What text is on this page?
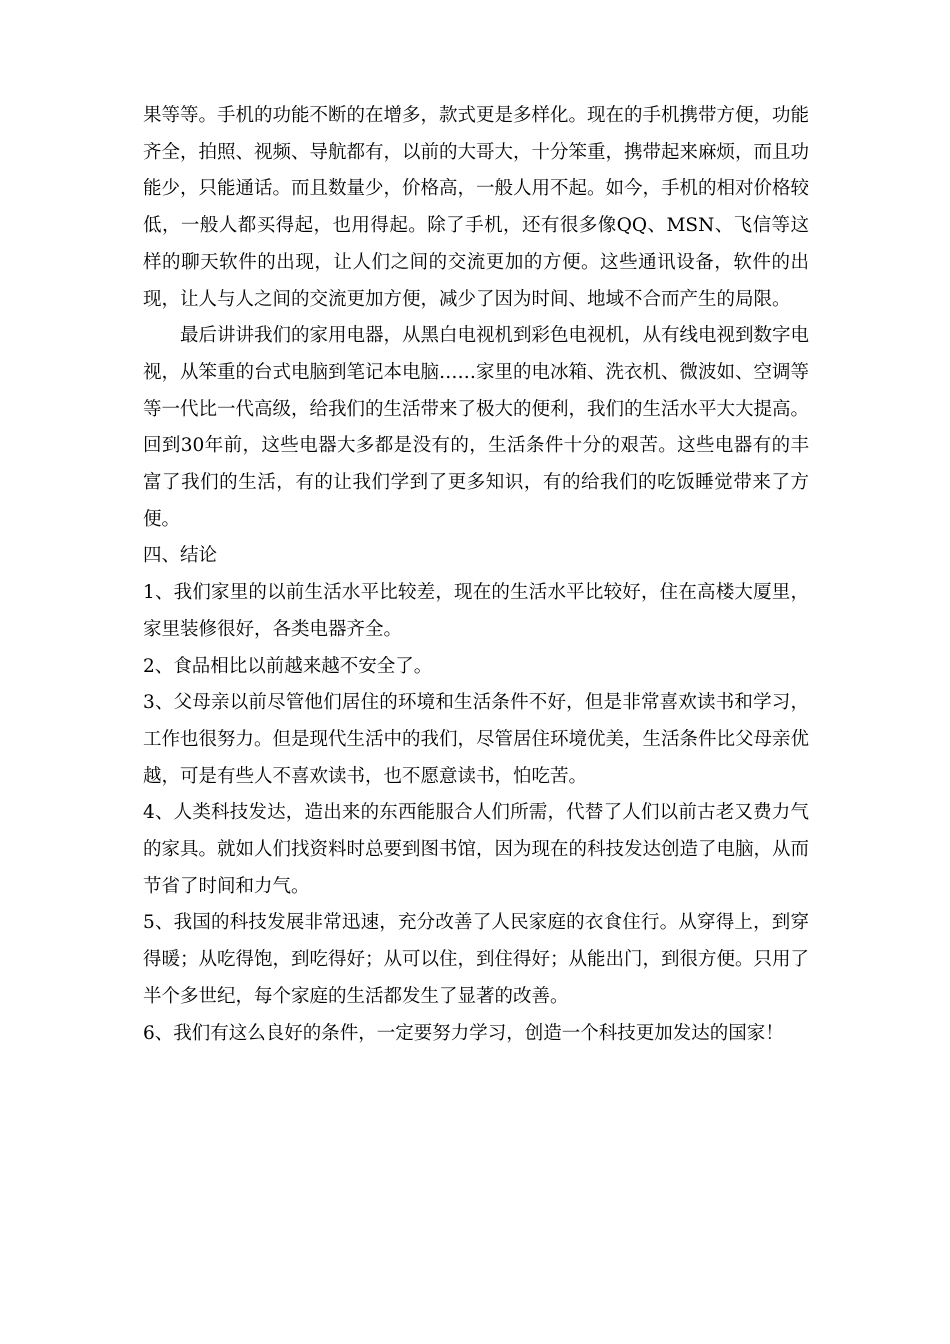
果等等。手机的功能不断的在增多，款式更是多样化。现在的手机携带方便，功能齐全，拍照、视频、导航都有，以前的大哥大，十分笨重，携带起来麻烦，而且功能少，只能通话。而且数量少，价格高，一般人用不起。如今，手机的相对价格较低，一般人都买得起，也用得起。除了手机，还有很多像QQ、MSN、飞信等这样的聊天软件的出现，让人们之间的交流更加的方便。这些通讯设备，软件的出现，让人与人之间的交流更加方便，减少了因为时间、地域不合而产生的局限。

最后讲讲我们的家用电器，从黑白电视机到彩色电视机，从有线电视到数字电视，从笨重的台式电脑到笔记本电脑……家里的电冰箱、洗衣机、微波如、空调等等一代比一代高级，给我们的生活带来了极大的便利，我们的生活水平大大提高。回到30年前，这些电器大多都是没有的，生活条件十分的艰苦。这些电器有的丰富了我们的生活，有的让我们学到了更多知识，有的给我们的吃饭睡觉带来了方便。

四、结论

1、我们家里的以前生活水平比较差，现在的生活水平比较好，住在高楼大厦里，家里装修很好，各类电器齐全。

2、食品相比以前越来越不安全了。

3、父母亲以前尽管他们居住的环境和生活条件不好，但是非常喜欢读书和学习，工作也很努力。但是现代生活中的我们，尽管居住环境优美，生活条件比父母亲优越，可是有些人不喜欢读书，也不愿意读书，怕吃苦。

4、人类科技发达，造出来的东西能服合人们所需，代替了人们以前古老又费力气的家具。就如人们找资料时总要到图书馆，因为现在的科技发达创造了电脑，从而节省了时间和力气。

5、我国的科技发展非常迅速，充分改善了人民家庭的衣食住行。从穿得上，到穿得暖；从吃得饱，到吃得好；从可以住，到住得好；从能出门，到很方便。只用了半个多世纪，每个家庭的生活都发生了显著的改善。

6、我们有这么良好的条件，一定要努力学习，创造一个科技更加发达的国家！
